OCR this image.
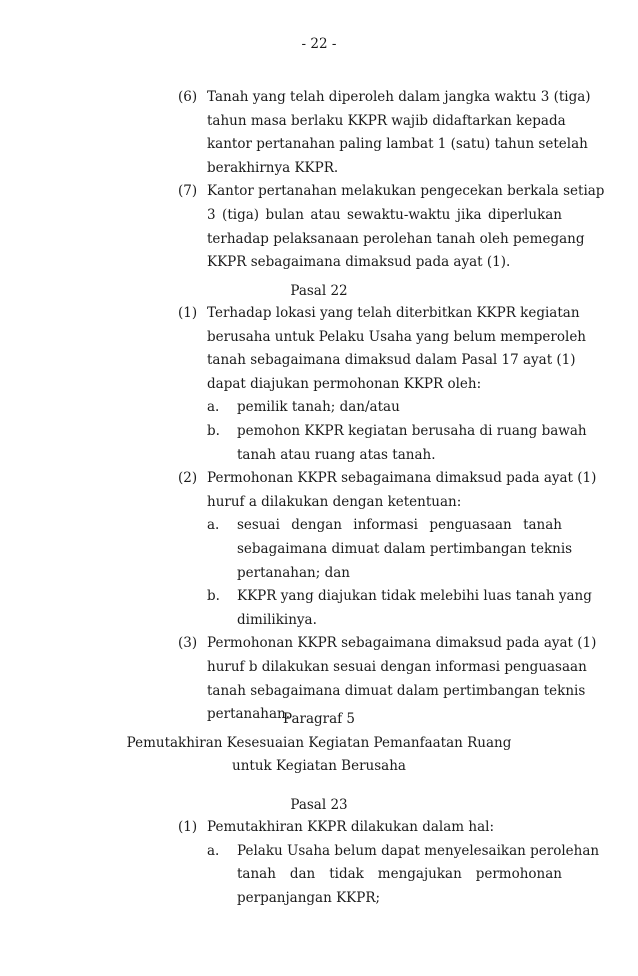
- 22 -
(6) Tanah yang telah diperoleh dalam jangka waktu 3 (tiga)
tahun masa berlaku KKPR wajib didaftarkan kepada
kantor pertanahan paling lambat 1 (satu) tahun setelah
berakhirnya KKPR.
(7) Kantor pertanahan melakukan pengecekan berkala setiap
3 (tiga) bulan atau sewaktu-waktu jika diperlukan
terhadap pelaksanaan perolehan tanah oleh pemegang
KKPR sebagaimana dimaksud pada ayat (1).
(1) Terhadap lokasi yang telah diterbitkan KKPR kegiatan
berusaha untuk Pelaku Usaha yang belum memperoleh
tanah sebagaimana dimaksud dalam Pasal 17 ayat (1)
dapat diajukan permohonan KKPR oleh:
a. pemilik tanah; dan/atau
b. pemohon KKPR kegiatan berusaha di ruang bawah
tanah atau ruang atas tanah.
(2) Permohonan KKPR sebagaimana dimaksud pada ayat (1)
huruf a dilakukan dengan ketentuan:
a. sesuai dengan informasi penguasaan tanah
sebagaimana dimuat dalam pertimbangan teknis
pertanahan; dan
b. KKPR yang diajukan tidak melebihi luas tanah yang
dimilikinya.
(3) Permohonan KKPR sebagaimana dimaksud pada ayat (1)
huruf b dilakukan sesuai dengan informasi penguasaan
tanah sebagaimana dimuat dalam pertimbangan teknis
pertanahan.
(1) Pemutakhiran KKPR dilakukan dalam hal:
a. Pelaku Usaha belum dapat menyelesaikan perolehan
tanah dan tidak mengajukan permohonan
perpanjangan KKPR;
Pasal 22
Paragraf 5
Pemutakhiran Kesesuaian Kegiatan Pemanfaatan Ruang
untuk Kegiatan Berusaha
Pasal 23
